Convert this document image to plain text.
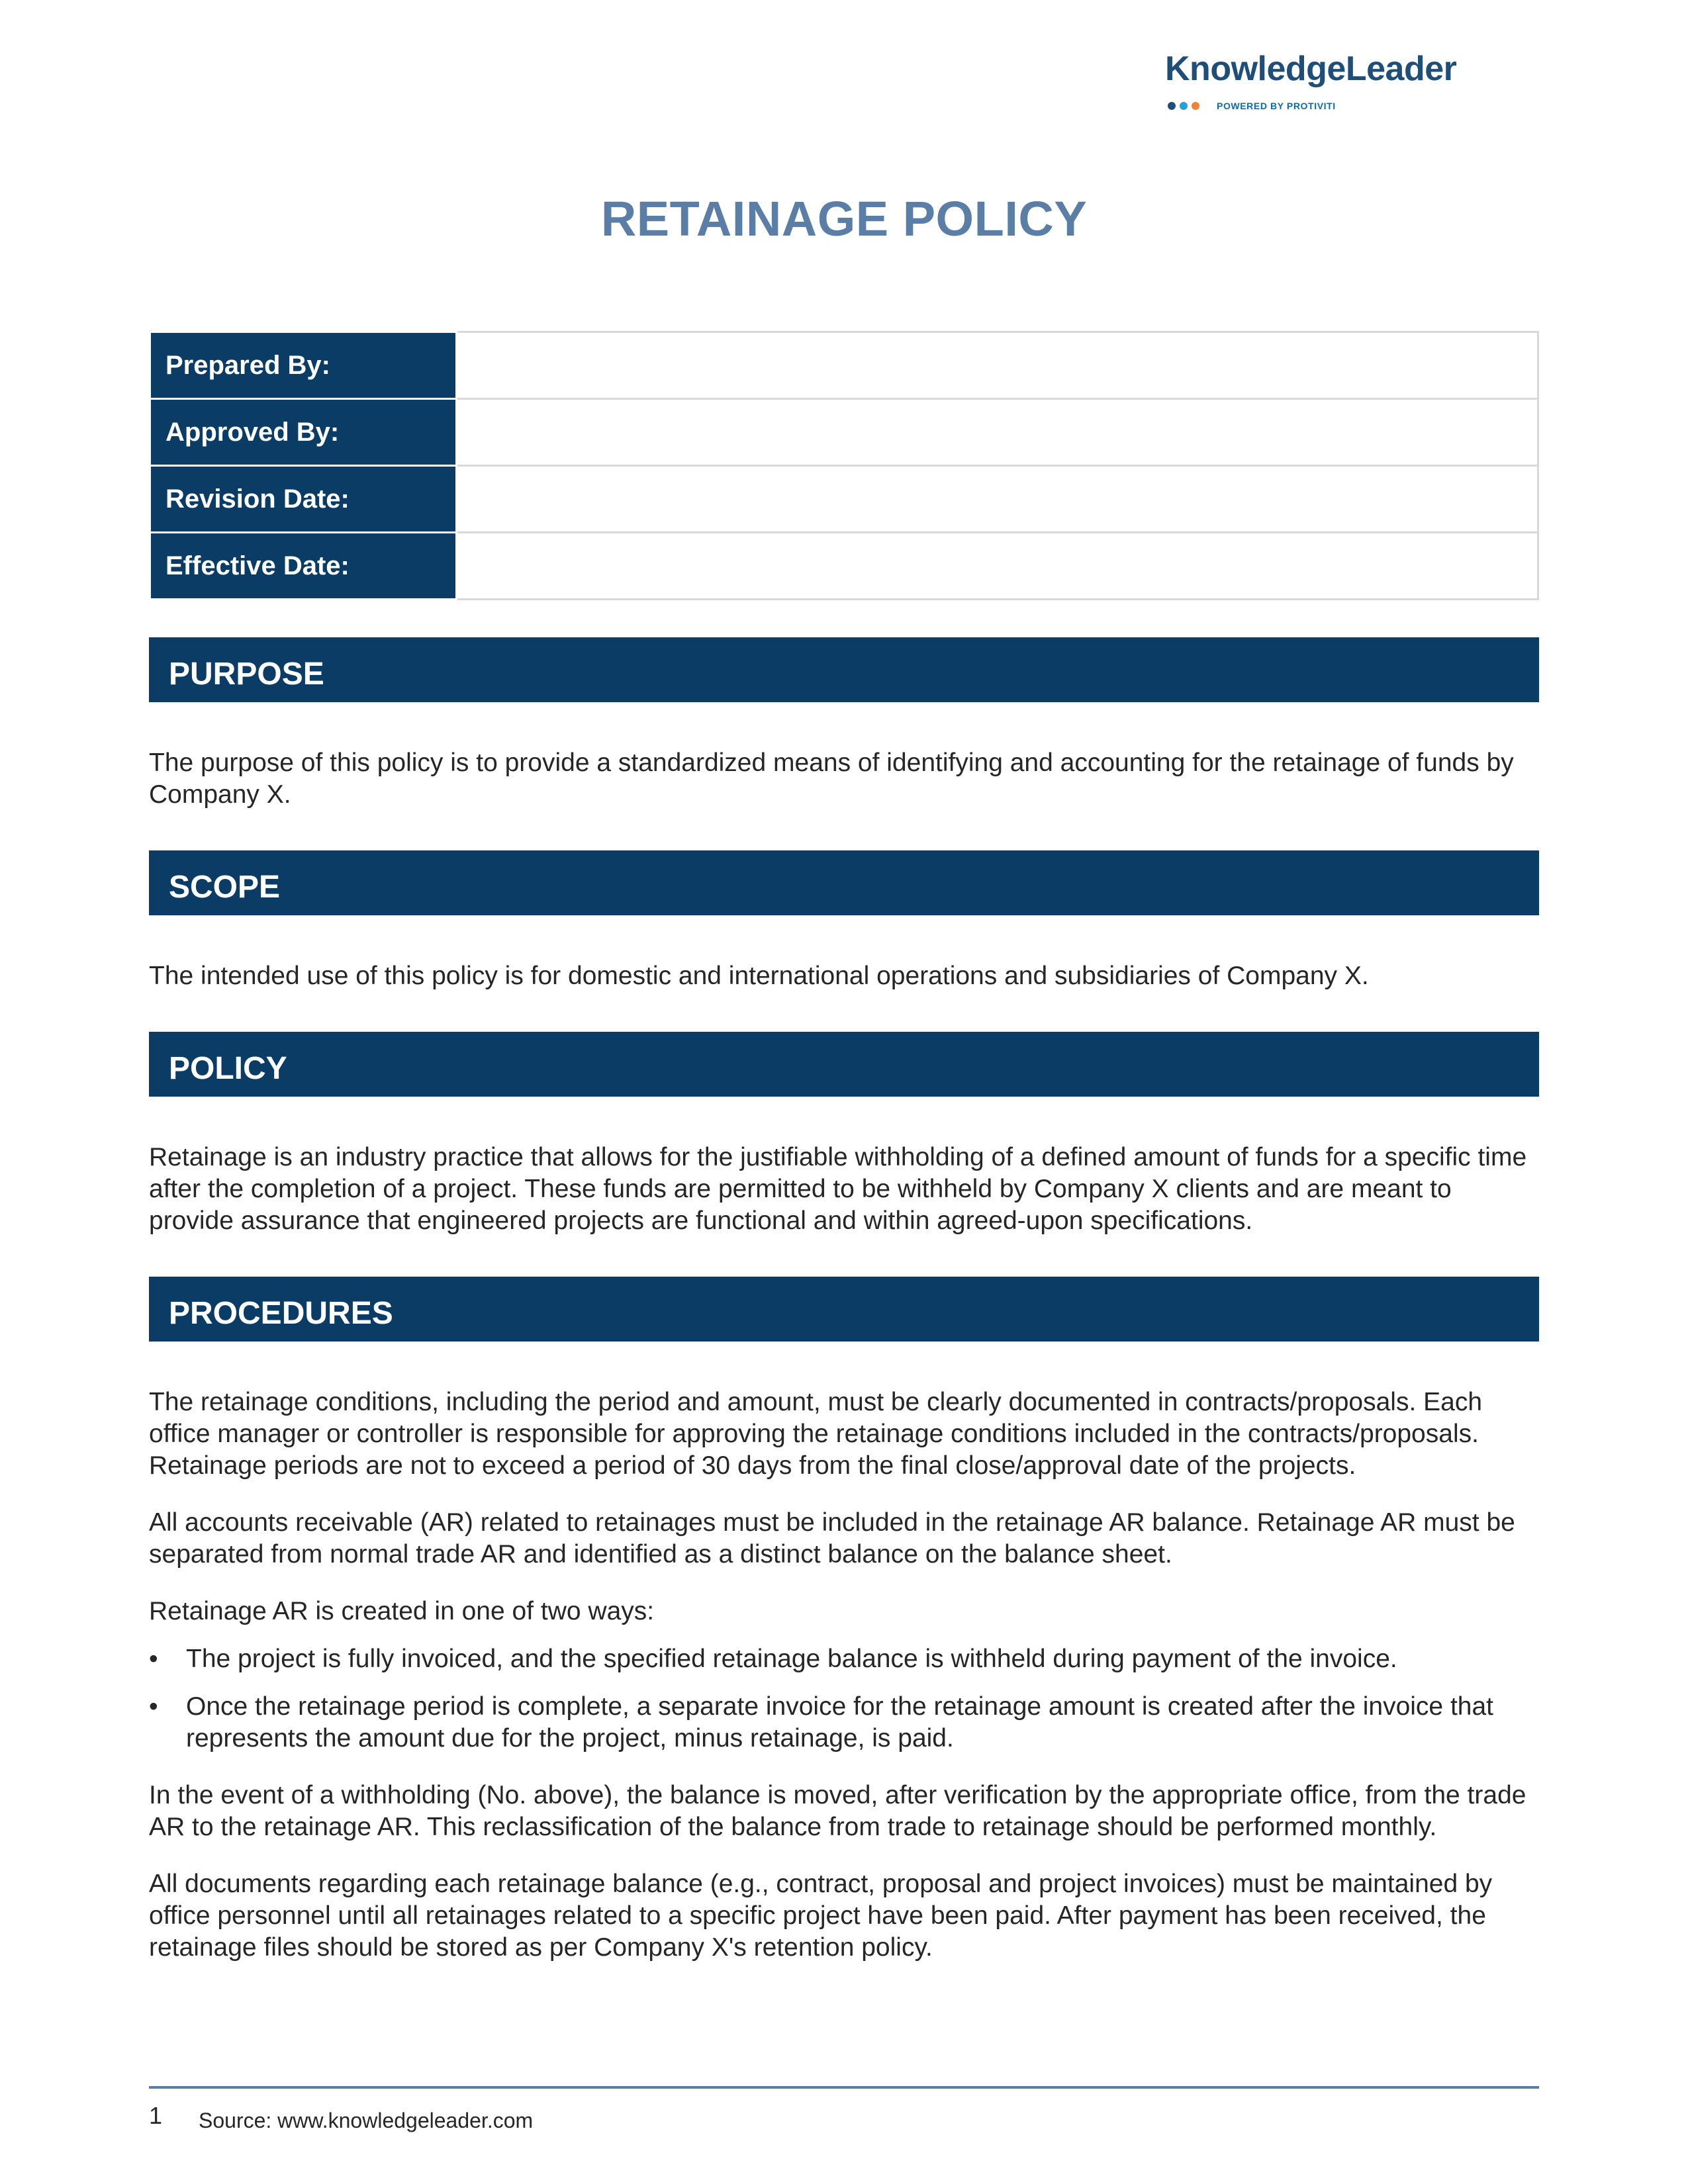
KnowledgeLeader
POWERED BY PROTIVITI
RETAINAGE POLICY
Prepared By:	
Approved By:	
Revision Date:	
Effective Date:	
PURPOSE

The purpose of this policy is to provide a standardized means of identifying and accounting for the retainage of funds by Company X.

SCOPE

The intended use of this policy is for domestic and international operations and subsidiaries of Company X.

POLICY

Retainage is an industry practice that allows for the justifiable withholding of a defined amount of funds for a specific time after the completion of a project. These funds are permitted to be withheld by Company X clients and are meant to provide assurance that engineered projects are functional and within agreed-upon specifications.

PROCEDURES

The retainage conditions, including the period and amount, must be clearly documented in contracts/proposals. Each office manager or controller is responsible for approving the retainage conditions included in the contracts/proposals. Retainage periods are not to exceed a period of 30 days from the final close/approval date of the projects.

All accounts receivable (AR) related to retainages must be included in the retainage AR balance. Retainage AR must be separated from normal trade AR and identified as a distinct balance on the balance sheet.

Retainage AR is created in one of two ways:

• The project is fully invoiced, and the specified retainage balance is withheld during payment of the invoice.
• Once the retainage period is complete, a separate invoice for the retainage amount is created after the invoice that represents the amount due for the project, minus retainage, is paid.

In the event of a withholding (No. above), the balance is moved, after verification by the appropriate office, from the trade AR to the retainage AR. This reclassification of the balance from trade to retainage should be performed monthly.

All documents regarding each retainage balance (e.g., contract, proposal and project invoices) must be maintained by office personnel until all retainages related to a specific project have been paid. After payment has been received, the retainage files should be stored as per Company X's retention policy.

1 Source: www.knowledgeleader.com
